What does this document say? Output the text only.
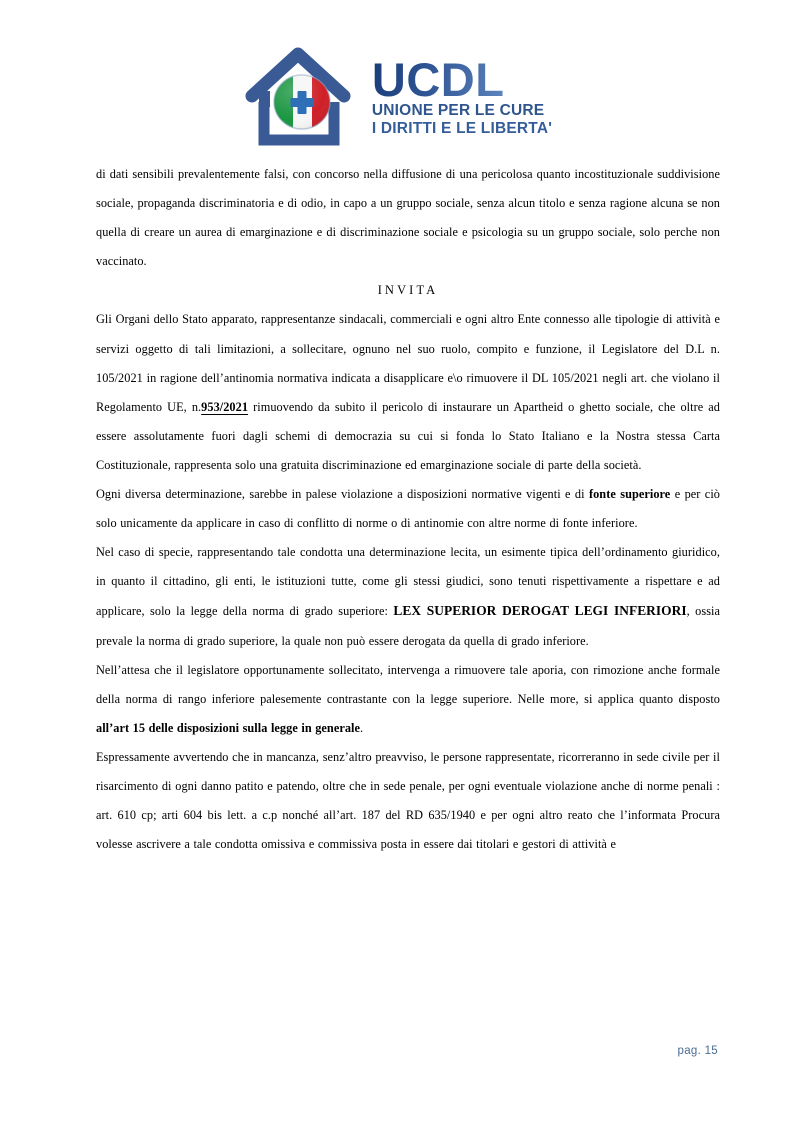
UCDL
UNIONE PER LE CURE
I DIRITTI E LE LIBERTA'

di dati sensibili prevalentemente falsi, con concorso nella diffusione di una pericolosa quanto incostituzionale suddivisione sociale, propaganda discriminatoria e di odio, in capo a un gruppo sociale, senza alcun titolo e senza ragione alcuna se non quella di creare un aurea di emarginazione e di discriminazione sociale e psicologia su un gruppo sociale, solo perche non vaccinato.

INVITA

Gli Organi dello Stato apparato, rappresentanze sindacali, commerciali e ogni altro Ente connesso alle tipologie di attività e servizi oggetto di tali limitazioni, a sollecitare, ognuno nel suo ruolo, compito e funzione, il Legislatore del D.L n. 105/2021 in ragione dell’antinomia normativa indicata a disapplicare e\o rimuovere il DL 105/2021 negli art. che violano il Regolamento UE, n.953/2021 rimuovendo da subito il pericolo di instaurare un Apartheid o ghetto sociale, che oltre ad essere assolutamente fuori dagli schemi di democrazia su cui si fonda lo Stato Italiano e la Nostra stessa Carta Costituzionale, rappresenta solo una gratuita discriminazione ed emarginazione sociale di parte della società.

Ogni diversa determinazione, sarebbe in palese violazione a disposizioni normative vigenti e di fonte superiore e per ciò solo unicamente da applicare in caso di conflitto di norme o di antinomie con altre norme di fonte inferiore.

Nel caso di specie, rappresentando tale condotta una determinazione lecita, un esimente tipica dell’ordinamento giuridico, in quanto il cittadino, gli enti, le istituzioni tutte, come gli stessi giudici, sono tenuti rispettivamente a rispettare e ad applicare, solo la legge della norma di grado superiore: LEX SUPERIOR DEROGAT LEGI INFERIORI, ossia prevale la norma di grado superiore, la quale non può essere derogata da quella di grado inferiore.

Nell’attesa che il legislatore opportunamente sollecitato, intervenga a rimuovere tale aporia, con rimozione anche formale della norma di rango inferiore palesemente contrastante con la legge superiore. Nelle more, si applica quanto disposto all’art 15 delle disposizioni sulla legge in generale.

Espressamente avvertendo che in mancanza, senz’altro preavviso, le persone rappresentate, ricorreranno in sede civile per il risarcimento di ogni danno patito e patendo, oltre che in sede penale, per ogni eventuale violazione anche di norme penali : art. 610 cp; arti 604 bis lett. a c.p nonché all’art. 187 del RD 635/1940 e per ogni altro reato che l’informata Procura volesse ascrivere a tale condotta omissiva e commissiva posta in essere dai titolari e gestori di attività e

pag. 15
